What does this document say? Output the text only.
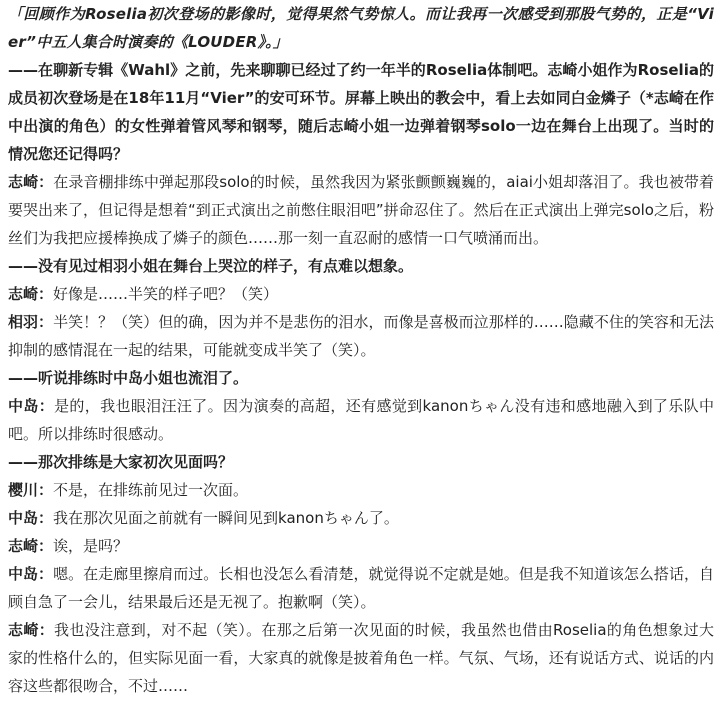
「回顾作为Roselia初次登场的影像时，觉得果然气势惊人。而让我再一次感受到那股气势的，正是“Vier”中五人集合时演奏的《LOUDER》。」

——在聊新专辑《Wahl》之前，先来聊聊已经过了约一年半的Roselia体制吧。志崎小姐作为Roselia的成员初次登场是在18年11月“Vier”的安可环节。屏幕上映出的教会中，看上去如同白金燐子（*志崎在作中出演的角色）的女性弹着管风琴和钢琴，随后志崎小姐一边弹着钢琴solo一边在舞台上出现了。当时的情况您还记得吗？

志崎：在录音棚排练中弹起那段solo的时候，虽然我因为紧张颤颤巍巍的，aiai小姐却落泪了。我也被带着要哭出来了，但记得是想着“到正式演出之前憋住眼泪吧”拼命忍住了。然后在正式演出上弹完solo之后，粉丝们为我把应援棒换成了燐子的颜色……那一刻一直忍耐的感情一口气喷涌而出。

——没有见过相羽小姐在舞台上哭泣的样子，有点难以想象。

志崎：好像是……半笑的样子吧？（笑）

相羽：半笑！？（笑）但的确，因为并不是悲伤的泪水，而像是喜极而泣那样的……隐藏不住的笑容和无法抑制的感情混在一起的结果，可能就变成半笑了（笑）。

——听说排练时中岛小姐也流泪了。

中岛：是的，我也眼泪汪汪了。因为演奏的高超，还有感觉到kanonちゃん没有违和感地融入到了乐队中吧。所以排练时很感动。

——那次排练是大家初次见面吗？

樱川：不是，在排练前见过一次面。

中岛：我在那次见面之前就有一瞬间见到kanonちゃん了。

志崎：诶，是吗？

中岛：嗯。在走廊里擦肩而过。长相也没怎么看清楚，就觉得说不定就是她。但是我不知道该怎么搭话，自顾自急了一会儿，结果最后还是无视了。抱歉啊（笑）。

志崎：我也没注意到，对不起（笑）。在那之后第一次见面的时候，我虽然也借由Roselia的角色想象过大家的性格什么的，但实际见面一看，大家真的就像是披着角色一样。气氛、气场，还有说话方式、说话的内容这些都很吻合，不过……
